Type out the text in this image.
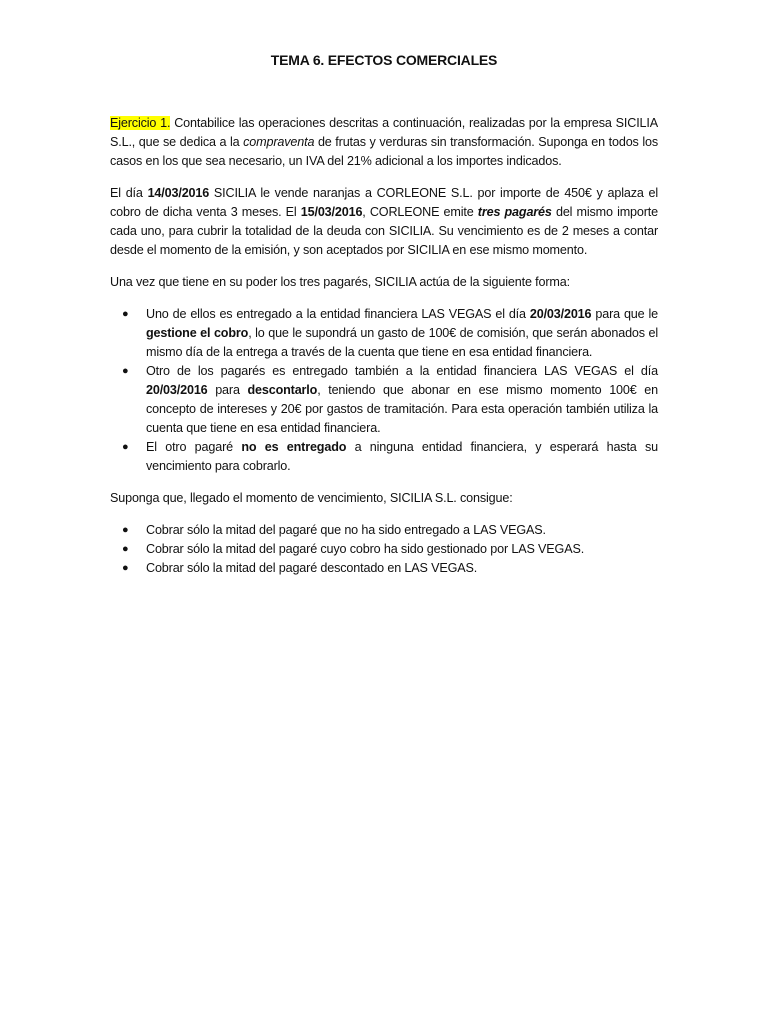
TEMA 6. EFECTOS COMERCIALES

Ejercicio 1. Contabilice las operaciones descritas a continuación, realizadas por la empresa SICILIA S.L., que se dedica a la compraventa de frutas y verduras sin transformación. Suponga en todos los casos en los que sea necesario, un IVA del 21% adicional a los importes indicados.

El día 14/03/2016 SICILIA le vende naranjas a CORLEONE S.L. por importe de 450€ y aplaza el cobro de dicha venta 3 meses. El 15/03/2016, CORLEONE emite tres pagarés del mismo importe cada uno, para cubrir la totalidad de la deuda con SICILIA. Su vencimiento es de 2 meses a contar desde el momento de la emisión, y son aceptados por SICILIA en ese mismo momento.

Una vez que tiene en su poder los tres pagarés, SICILIA actúa de la siguiente forma:

● Uno de ellos es entregado a la entidad financiera LAS VEGAS el día 20/03/2016 para que le gestione el cobro, lo que le supondrá un gasto de 100€ de comisión, que serán abonados el mismo día de la entrega a través de la cuenta que tiene en esa entidad financiera.
● Otro de los pagarés es entregado también a la entidad financiera LAS VEGAS el día 20/03/2016 para descontarlo, teniendo que abonar en ese mismo momento 100€ en concepto de intereses y 20€ por gastos de tramitación. Para esta operación también utiliza la cuenta que tiene en esa entidad financiera.
● El otro pagaré no es entregado a ninguna entidad financiera, y esperará hasta su vencimiento para cobrarlo.

Suponga que, llegado el momento de vencimiento, SICILIA S.L. consigue:

● Cobrar sólo la mitad del pagaré que no ha sido entregado a LAS VEGAS.
● Cobrar sólo la mitad del pagaré cuyo cobro ha sido gestionado por LAS VEGAS.
● Cobrar sólo la mitad del pagaré descontado en LAS VEGAS.
